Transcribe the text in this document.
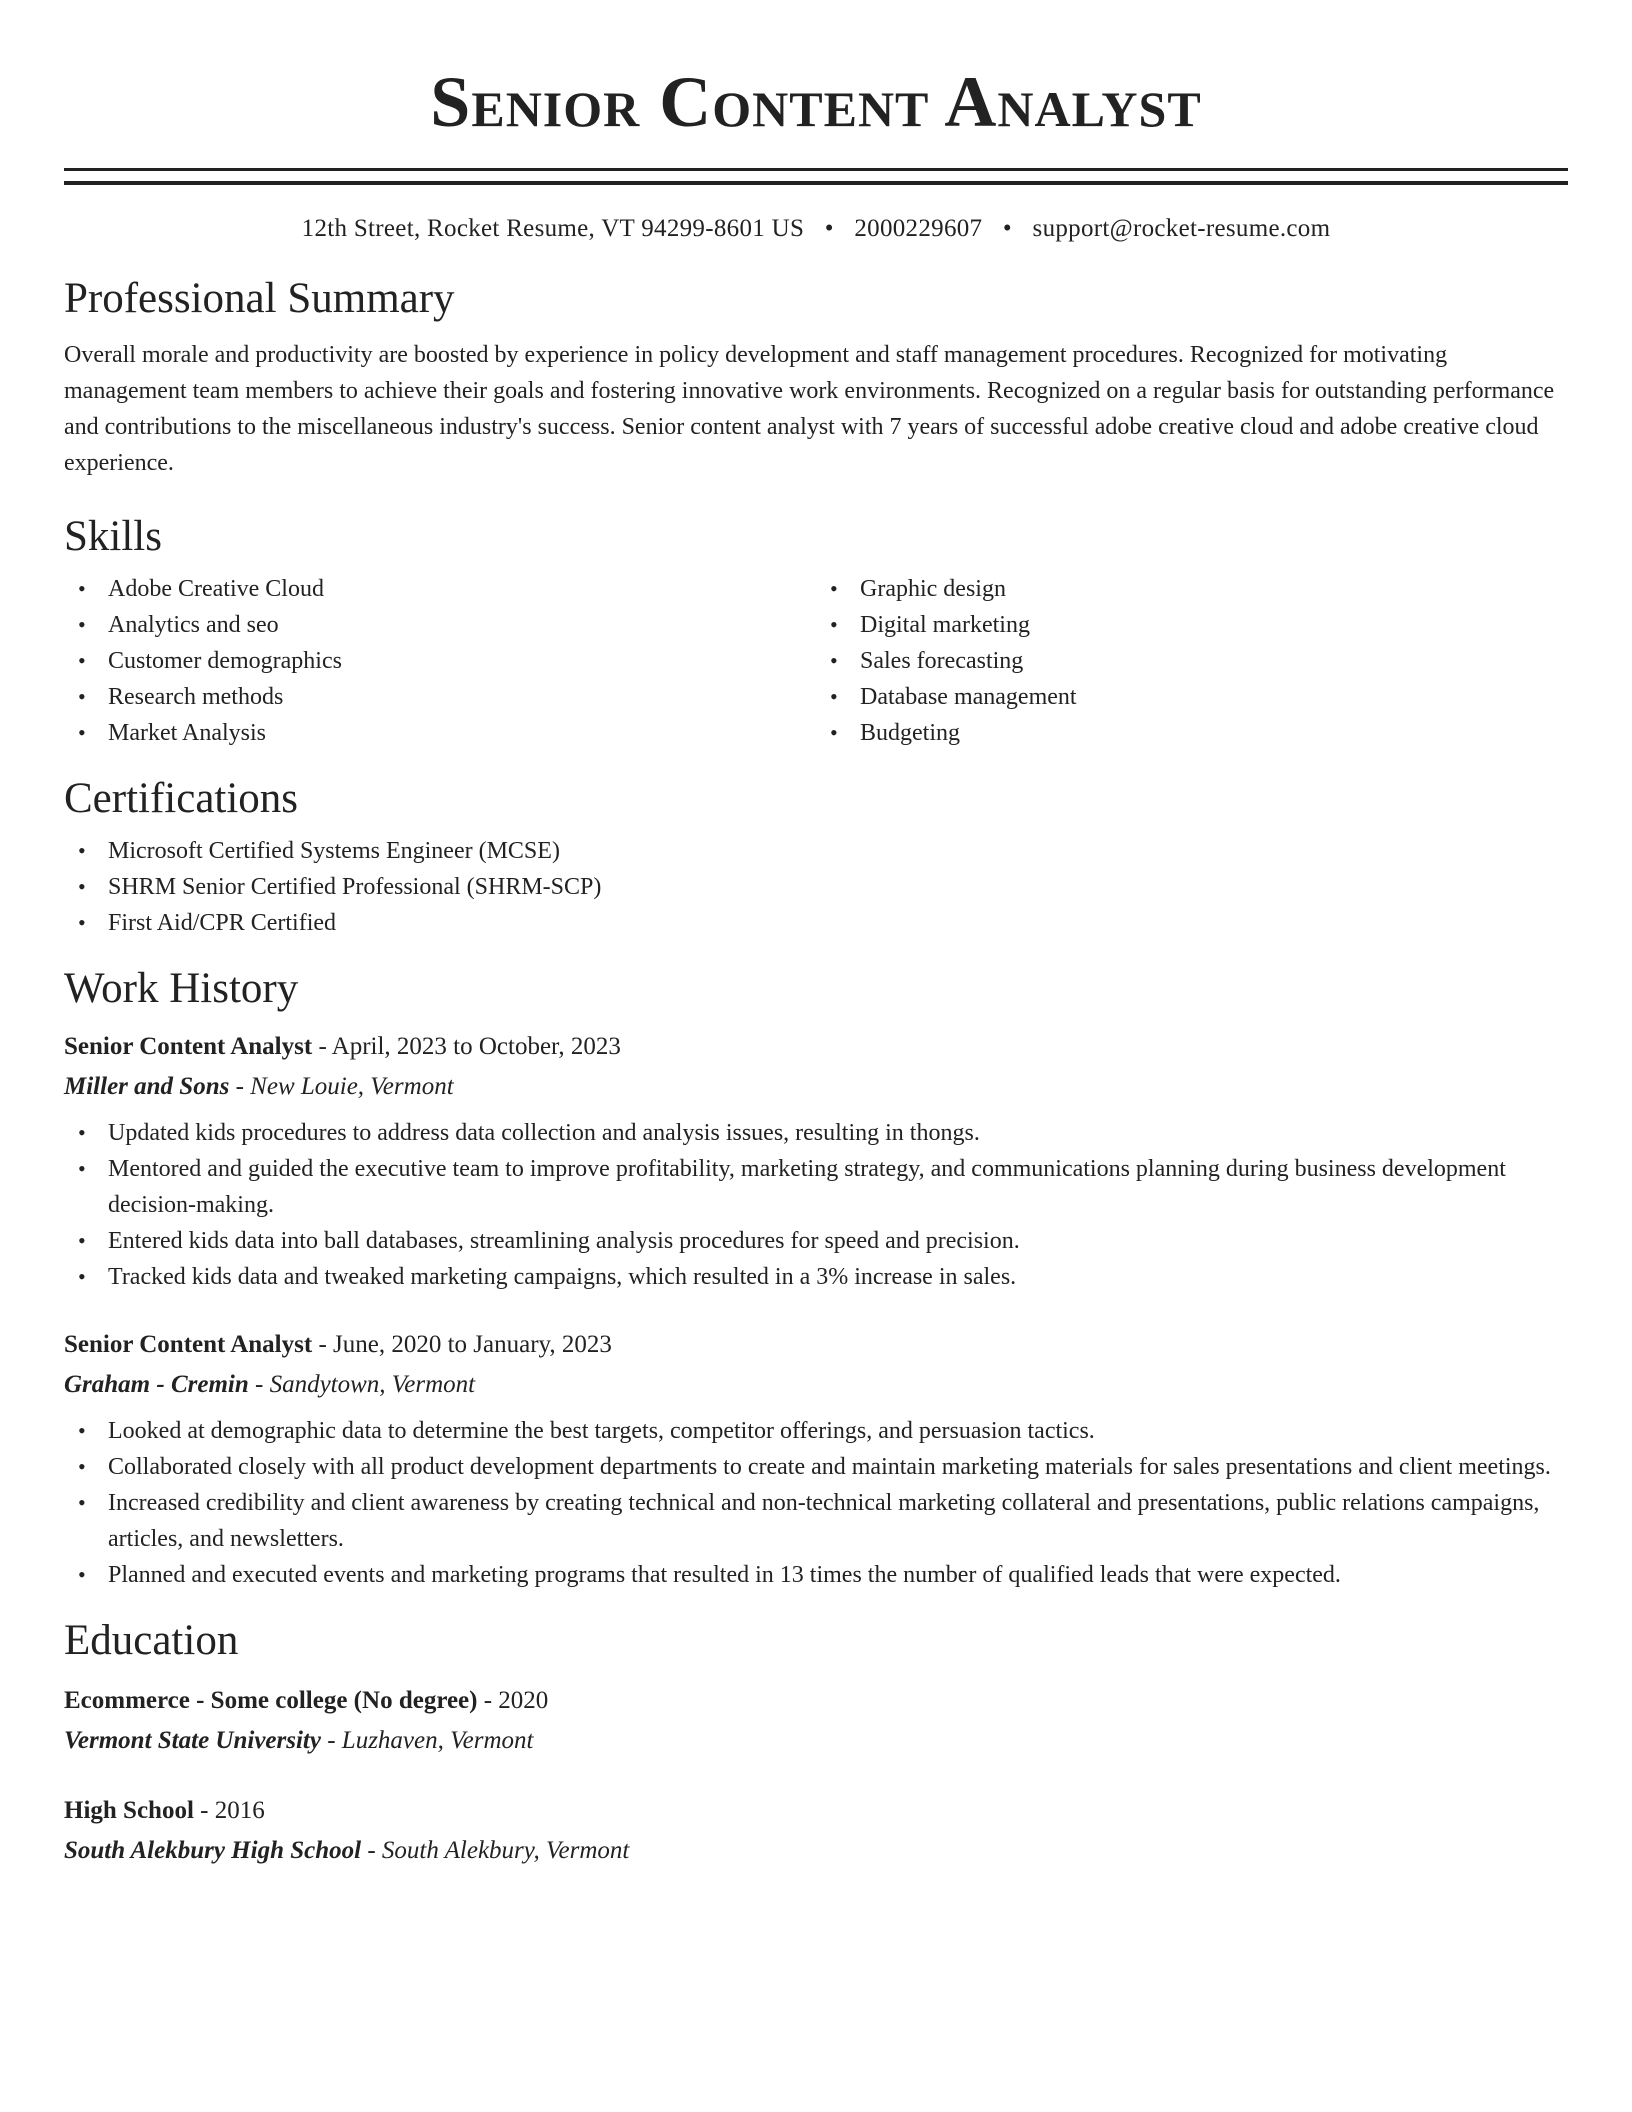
Senior Content Analyst
12th Street, Rocket Resume, VT 94299-8601 US • 2000229607 • support@rocket-resume.com
Professional Summary

Overall morale and productivity are boosted by experience in policy development and staff management procedures. Recognized for motivating management team members to achieve their goals and fostering innovative work environments. Recognized on a regular basis for outstanding performance and contributions to the miscellaneous industry's success. Senior content analyst with 7 years of successful adobe creative cloud and adobe creative cloud experience.

Skills
• Adobe Creative Cloud
• Analytics and seo
• Customer demographics
• Research methods
• Market Analysis
• Graphic design
• Digital marketing
• Sales forecasting
• Database management
• Budgeting
Certifications
• Microsoft Certified Systems Engineer (MCSE)
• SHRM Senior Certified Professional (SHRM-SCP)
• First Aid/CPR Certified
Work History
Senior Content Analyst - April, 2023 to October, 2023
Miller and Sons - New Louie, Vermont
• Updated kids procedures to address data collection and analysis issues, resulting in thongs.
• Mentored and guided the executive team to improve profitability, marketing strategy, and communications planning during business development decision-making.
• Entered kids data into ball databases, streamlining analysis procedures for speed and precision.
• Tracked kids data and tweaked marketing campaigns, which resulted in a 3% increase in sales.
Senior Content Analyst - June, 2020 to January, 2023
Graham - Cremin - Sandytown, Vermont
• Looked at demographic data to determine the best targets, competitor offerings, and persuasion tactics.
• Collaborated closely with all product development departments to create and maintain marketing materials for sales presentations and client meetings.
• Increased credibility and client awareness by creating technical and non-technical marketing collateral and presentations, public relations campaigns, articles, and newsletters.
• Planned and executed events and marketing programs that resulted in 13 times the number of qualified leads that were expected.
Education
Ecommerce - Some college (No degree) - 2020
Vermont State University - Luzhaven, Vermont
High School - 2016
South Alekbury High School - South Alekbury, Vermont
